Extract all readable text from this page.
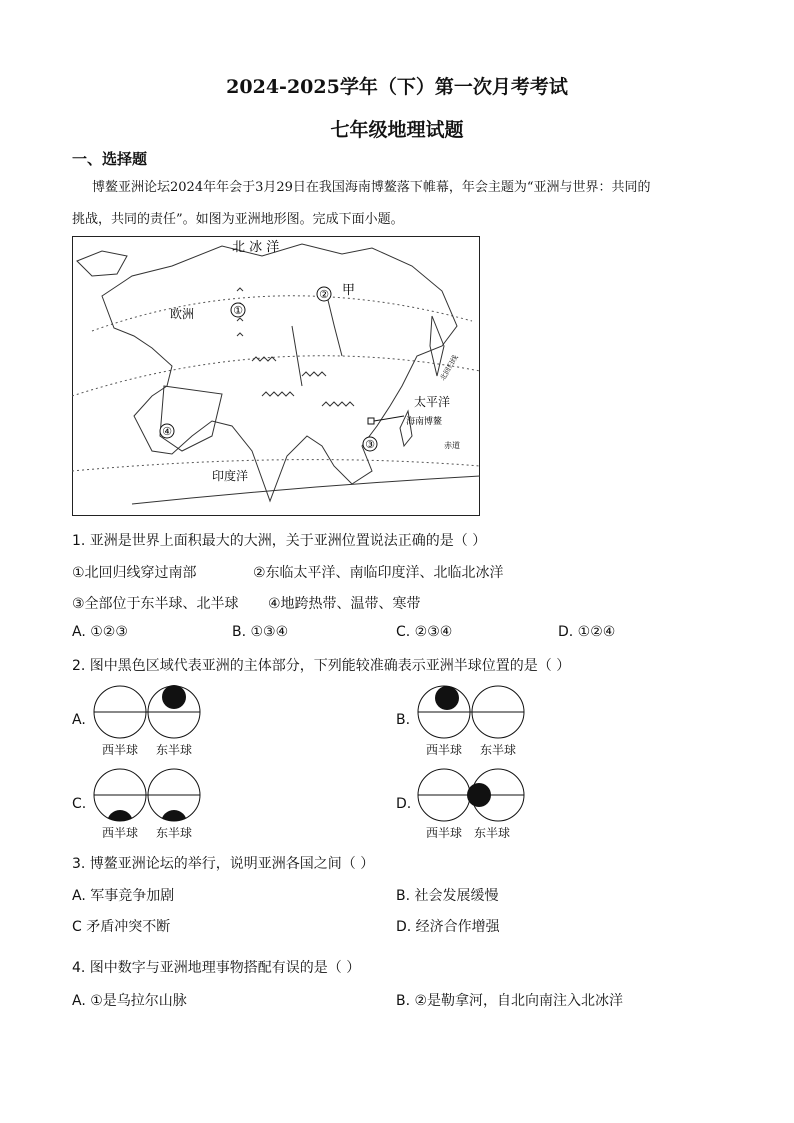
2024-2025学年（下）第一次月考考试
七年级地理试题
一、选择题
博鳌亚洲论坛2024年年会于3月29日在我国海南博鳌落下帷幕，年会主题为“亚洲与世界：共同的
挑战，共同的责任”。如图为亚洲地形图。完成下面小题。
①
②
③
④
北 冰 洋
甲
欧洲
太平洋
海南博鳌
印度洋
北回归线
赤道
1. 亚洲是世界上面积最大的大洲，关于亚洲位置说法正确的是（ ）
①北回归线穿过南部	②东临太平洋、南临印度洋、北临北冰洋
③全部位于东半球、北半球 ④地跨热带、温带、寒带
A. ①②③	B. ①③④	C. ②③④	D. ①②④
2. 图中黑色区域代表亚洲的主体部分，下列能较准确表示亚洲半球位置的是（ ）
A.
西半球 东半球
B.
西半球 东半球
C.
西半球 东半球
D.
西半球 东半球
3. 博鳌亚洲论坛的举行，说明亚洲各国之间（ ）
A. 军事竞争加剧	B. 社会发展缓慢
C 矛盾冲突不断	D. 经济合作增强
4. 图中数字与亚洲地理事物搭配有误的是（ ）
A. ①是乌拉尔山脉	B. ②是勒拿河，自北向南注入北冰洋
